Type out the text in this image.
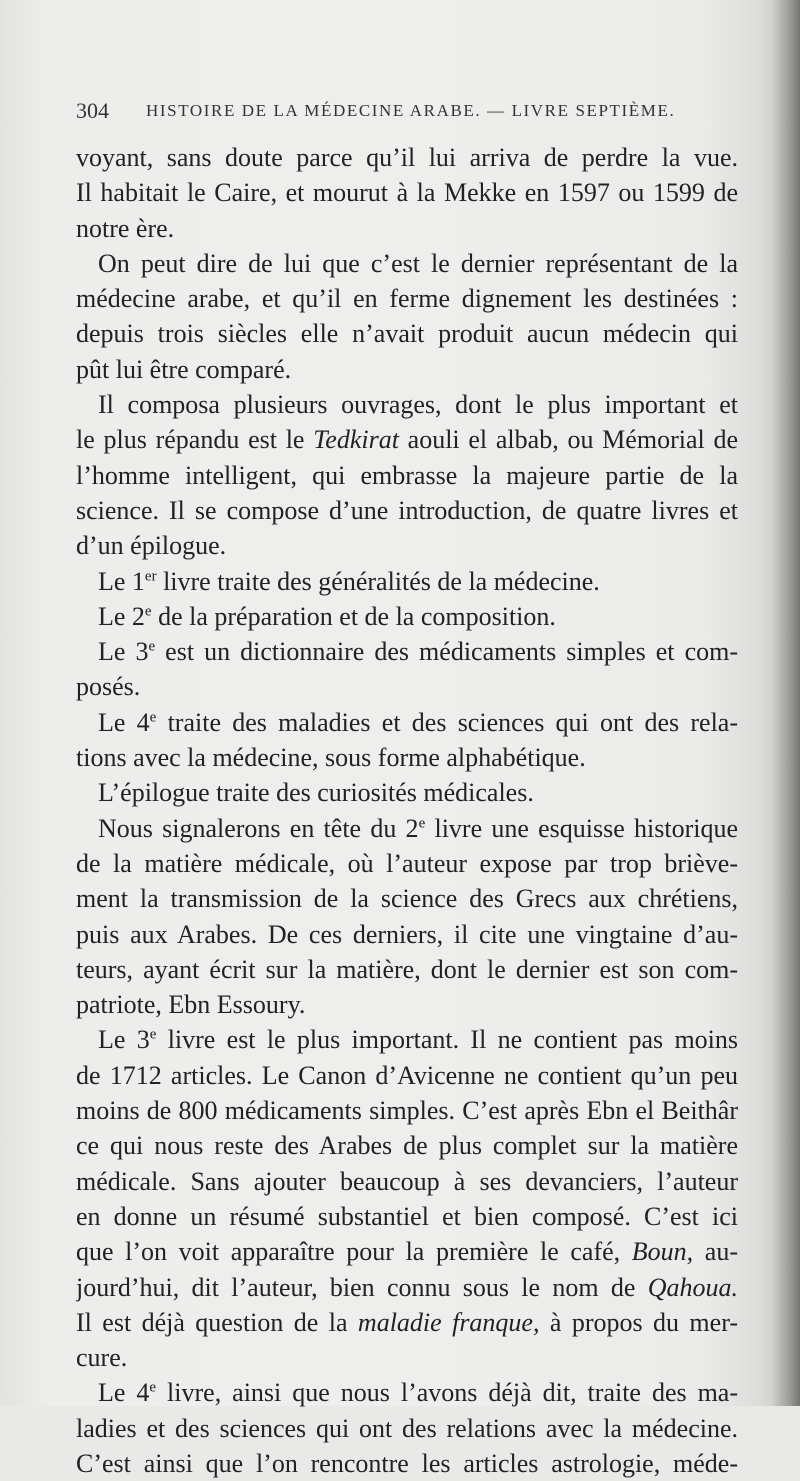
304 HISTOIRE DE LA MÉDECINE ARABE. — LIVRE SEPTIÈME.
voyant, sans doute parce qu’il lui arriva de perdre la vue.
Il habitait le Caire, et mourut à la Mekke en 1597 ou 1599 de
notre ère.
On peut dire de lui que c’est le dernier représentant de la
médecine arabe, et qu’il en ferme dignement les destinées :
depuis trois siècles elle n’avait produit aucun médecin qui
pût lui être comparé.
Il composa plusieurs ouvrages, dont le plus important et
le plus répandu est le Tedkirat aouli el albab, ou Mémorial de
l’homme intelligent, qui embrasse la majeure partie de la
science. Il se compose d’une introduction, de quatre livres et
d’un épilogue.
Le 1er livre traite des généralités de la médecine.
Le 2e de la préparation et de la composition.
Le 3e est un dictionnaire des médicaments simples et com-
posés.
Le 4e traite des maladies et des sciences qui ont des rela-
tions avec la médecine, sous forme alphabétique.
L’épilogue traite des curiosités médicales.
Nous signalerons en tête du 2e livre une esquisse historique
de la matière médicale, où l’auteur expose par trop briève-
ment la transmission de la science des Grecs aux chrétiens,
puis aux Arabes. De ces derniers, il cite une vingtaine d’au-
teurs, ayant écrit sur la matière, dont le dernier est son com-
patriote, Ebn Essoury.
Le 3e livre est le plus important. Il ne contient pas moins
de 1712 articles. Le Canon d’Avicenne ne contient qu’un peu
moins de 800 médicaments simples. C’est après Ebn el Beithâr
ce qui nous reste des Arabes de plus complet sur la matière
médicale. Sans ajouter beaucoup à ses devanciers, l’auteur
en donne un résumé substantiel et bien composé. C’est ici
que l’on voit apparaître pour la première le café, Boun, au-
jourd’hui, dit l’auteur, bien connu sous le nom de Qahoua.
Il est déjà question de la maladie franque, à propos du mer-
cure.
Le 4e livre, ainsi que nous l’avons déjà dit, traite des ma-
ladies et des sciences qui ont des relations avec la médecine.
C’est ainsi que l’on rencontre les articles astrologie, méde-
